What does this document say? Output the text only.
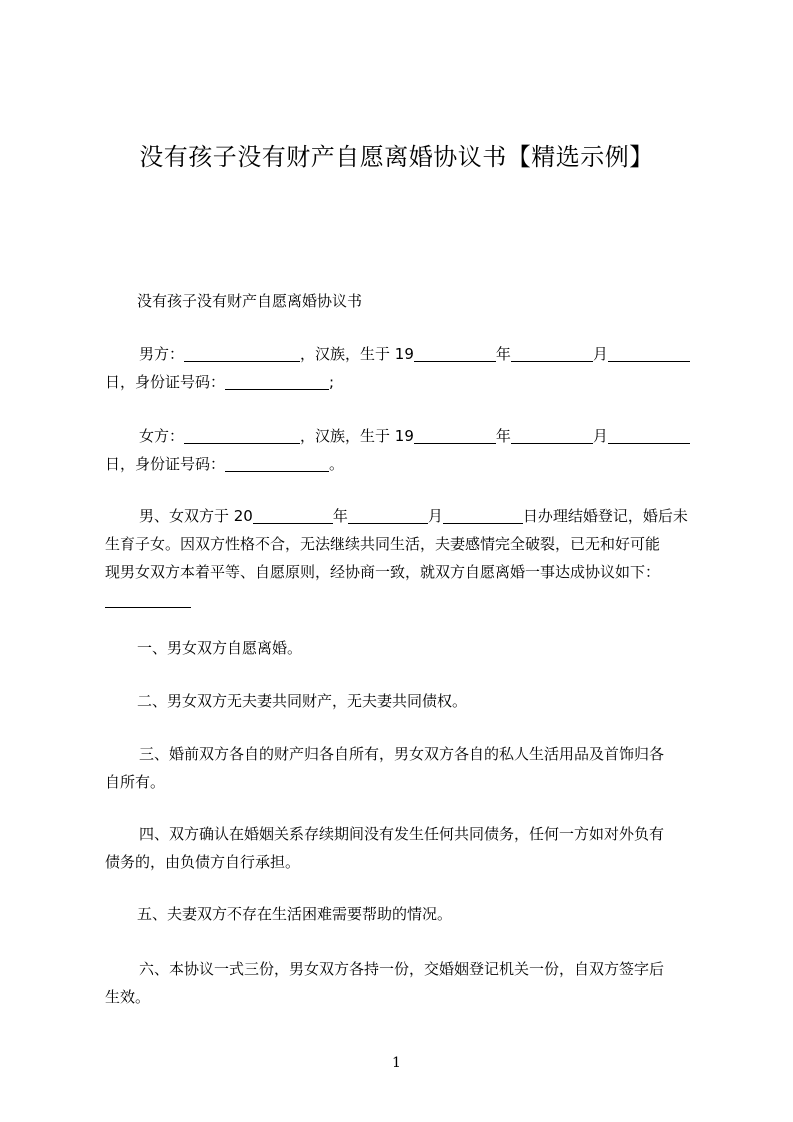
没有孩子没有财产自愿离婚协议书【精选示例】
没有孩子没有财产自愿离婚协议书
男方：	，汉族，生于 19	年	月
日，身份证号码：	;
女方：	，汉族，生于 19	年	月
日，身份证号码：	。
男、女双方于 20	年	月	日办理结婚登记，婚后未
生育子女。因双方性格不合，无法继续共同生活，夫妻感情完全破裂，已无和好可能
现男女双方本着平等、自愿原则，经协商一致，就双方自愿离婚一事达成协议如下：
一、男女双方自愿离婚。
二、男女双方无夫妻共同财产，无夫妻共同债权。
三、婚前双方各自的财产归各自所有，男女双方各自的私人生活用品及首饰归各
自所有。
四、双方确认在婚姻关系存续期间没有发生任何共同债务，任何一方如对外负有
债务的，由负债方自行承担。
五、夫妻双方不存在生活困难需要帮助的情况。
六、本协议一式三份，男女双方各持一份，交婚姻登记机关一份，自双方签字后
生效。
1
